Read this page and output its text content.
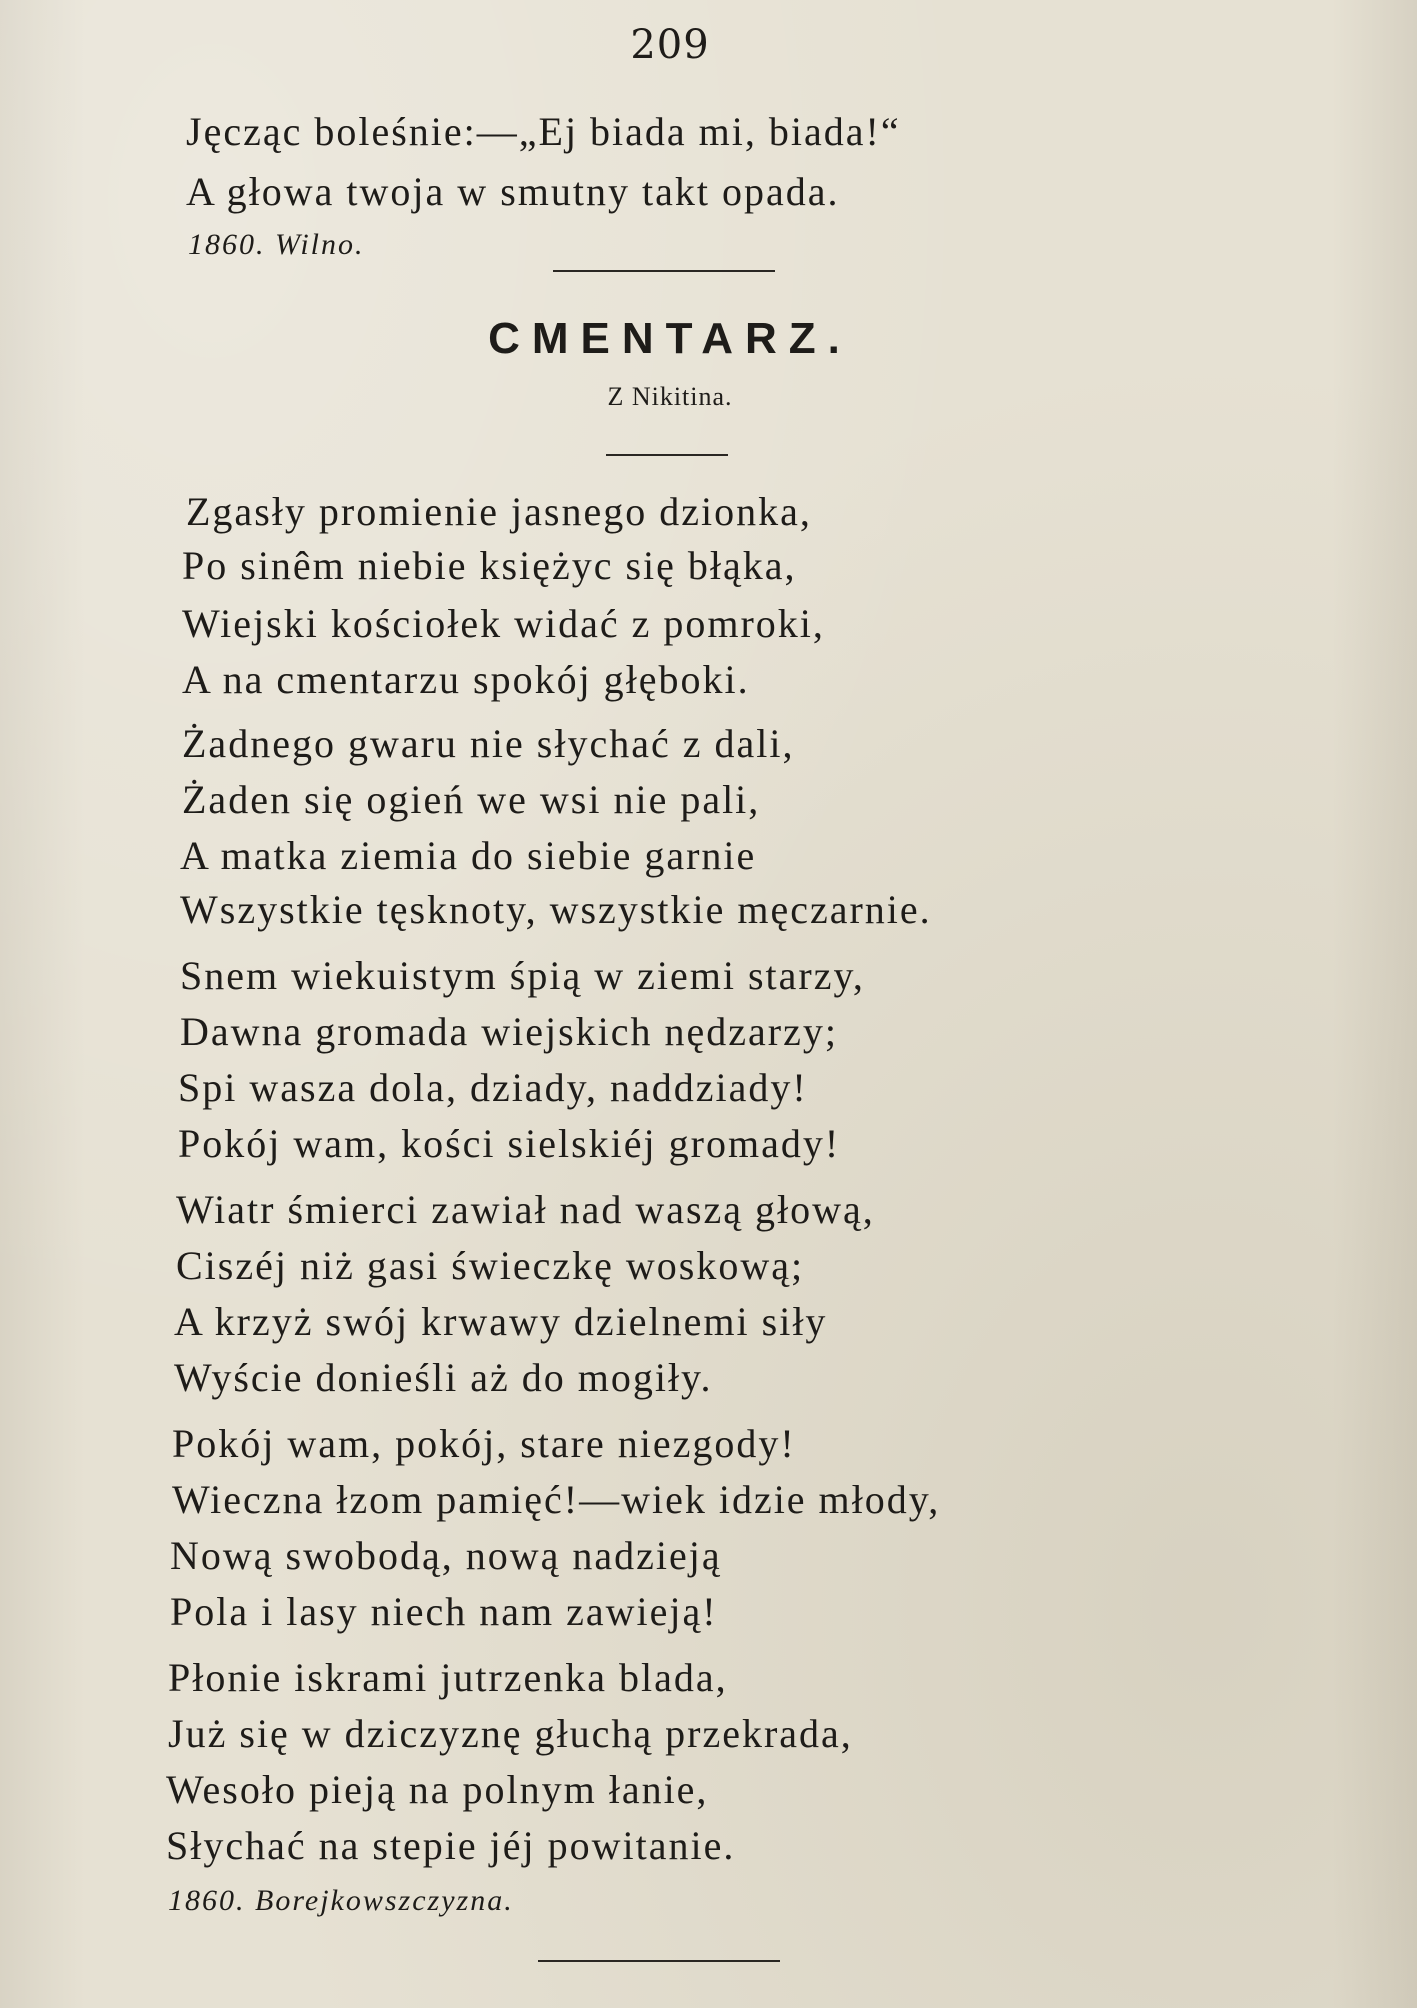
209
Jęcząc boleśnie:—„Ej biada mi, biada!“
A głowa twoja w smutny takt opada.
1860. Wilno.
CMENTARZ.
Z Nikitina.
Zgasły promienie jasnego dzionka,
Po sinêm niebie księżyc się błąka,
Wiejski kościołek widać z pomroki,
A na cmentarzu spokój głęboki.
Żadnego gwaru nie słychać z dali,
Żaden się ogień we wsi nie pali,
A matka ziemia do siebie garnie
Wszystkie tęsknoty, wszystkie męczarnie.
Snem wiekuistym śpią w ziemi starzy,
Dawna gromada wiejskich nędzarzy;
Spi wasza dola, dziady, naddziady!
Pokój wam, kości sielskiéj gromady!
Wiatr śmierci zawiał nad waszą głową,
Ciszéj niż gasi świeczkę woskową;
A krzyż swój krwawy dzielnemi siły
Wyście donieśli aż do mogiły.
Pokój wam, pokój, stare niezgody!
Wieczna łzom pamięć!—wiek idzie młody,
Nową swobodą, nową nadzieją
Pola i lasy niech nam zawieją!
Płonie iskrami jutrzenka blada,
Już się w dziczyznę głuchą przekrada,
Wesoło pieją na polnym łanie,
Słychać na stepie jéj powitanie.
1860. Borejkowszczyzna.
